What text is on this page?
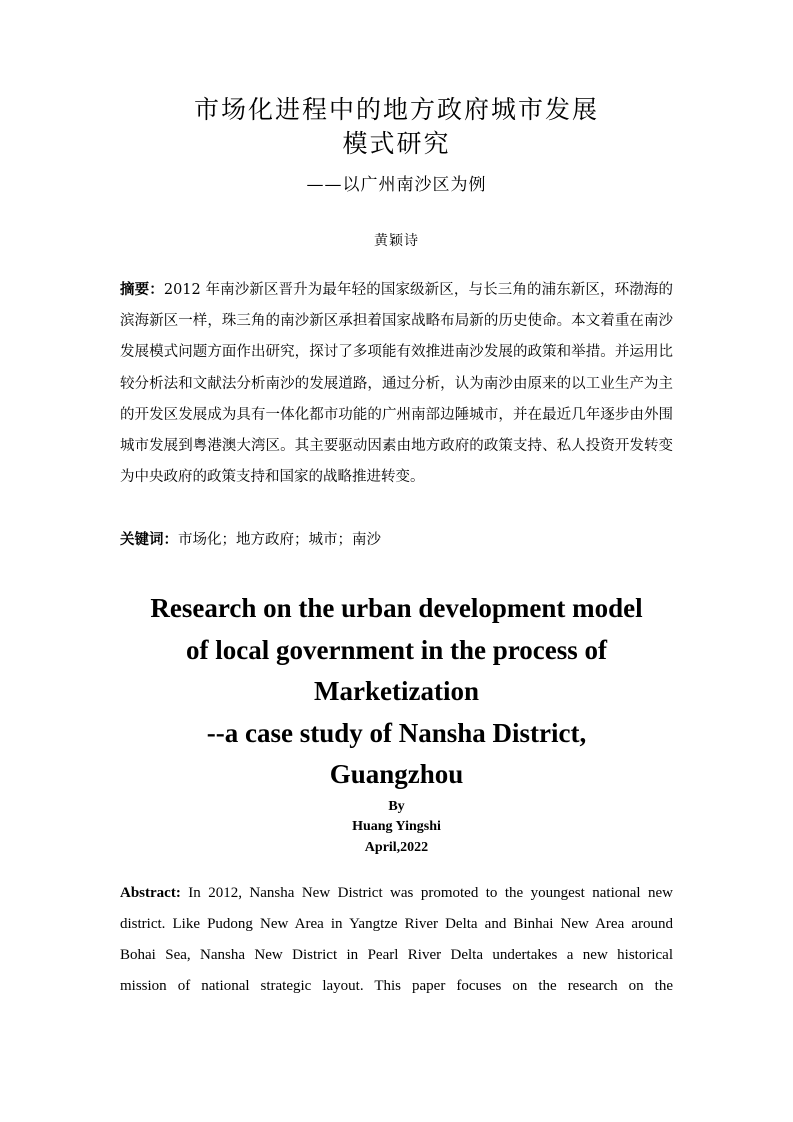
市场化进程中的地方政府城市发展
模式研究
——以广州南沙区为例
黄颖诗

摘要：2012 年南沙新区晋升为最年轻的国家级新区，与长三角的浦东新区，环渤海的滨海新区一样，珠三角的南沙新区承担着国家战略布局新的历史使命。本文着重在南沙发展模式问题方面作出研究，探讨了多项能有效推进南沙发展的政策和举措。并运用比较分析法和文献法分析南沙的发展道路，通过分析，认为南沙由原来的以工业生产为主的开发区发展成为具有一体化都市功能的广州南部边陲城市，并在最近几年逐步由外围城市发展到粤港澳大湾区。其主要驱动因素由地方政府的政策支持、私人投资开发转变为中央政府的政策支持和国家的战略推进转变。

关键词：市场化；地方政府；城市；南沙

Research on the urban development model
of local government in the process of
Marketization
--a case study of Nansha District,
Guangzhou
By
Huang Yingshi
April,2022
Abstract: In 2012, Nansha New District was promoted to the youngest national new
district. Like Pudong New Area in Yangtze River Delta and Binhai New Area around
Bohai Sea, Nansha New District in Pearl River Delta undertakes a new historical
mission of national strategic layout. This paper focuses on the research on the
